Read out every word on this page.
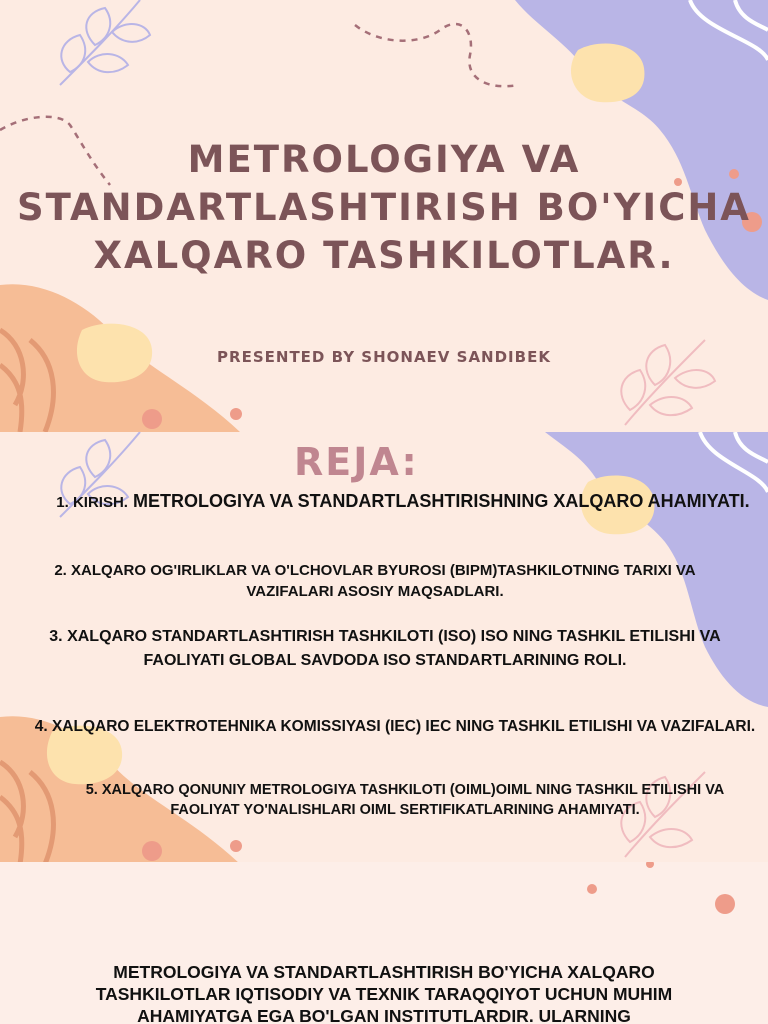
METROLOGIYA VA
STANDARTLASHTIRISH BO'YICHA
XALQARO TASHKILOTLAR.
PRESENTED BY SHONAEV SANDIBEK
REJA:

1. KIRISH. METROLOGIYA VA STANDARTLASHTIRISHNING XALQARO AHAMIYATI.

2. XALQARO OG'IRLIKLAR VA O'LCHOVLAR BYUROSI (BIPM)TASHKILOTNING TARIXI VA VAZIFALARI ASOSIY MAQSADLARI.

3. XALQARO STANDARTLASHTIRISH TASHKILOTI (ISO) ISO NING TASHKIL ETILISHI VA FAOLIYATI GLOBAL SAVDODA ISO STANDARTLARINING ROLI.

4. XALQARO ELEKTROTEHNIKA KOMISSIYASI (IEC) IEC NING TASHKIL ETILISHI VA VAZIFALARI.

5. XALQARO QONUNIY METROLOGIYA TASHKILOTI (OIML)OIML NING TASHKIL ETILISHI VA FAOLIYAT YO'NALISHLARI OIML SERTIFIKATLARINING AHAMIYATI.

METROLOGIYA VA STANDARTLASHTIRISH BO'YICHA XALQARO
TASHKILOTLAR IQTISODIY VA TEXNIK TARAQQIYOT UCHUN MUHIM
AHAMIYATGA EGA BO'LGAN INSTITUTLARDIR. ULARNING
